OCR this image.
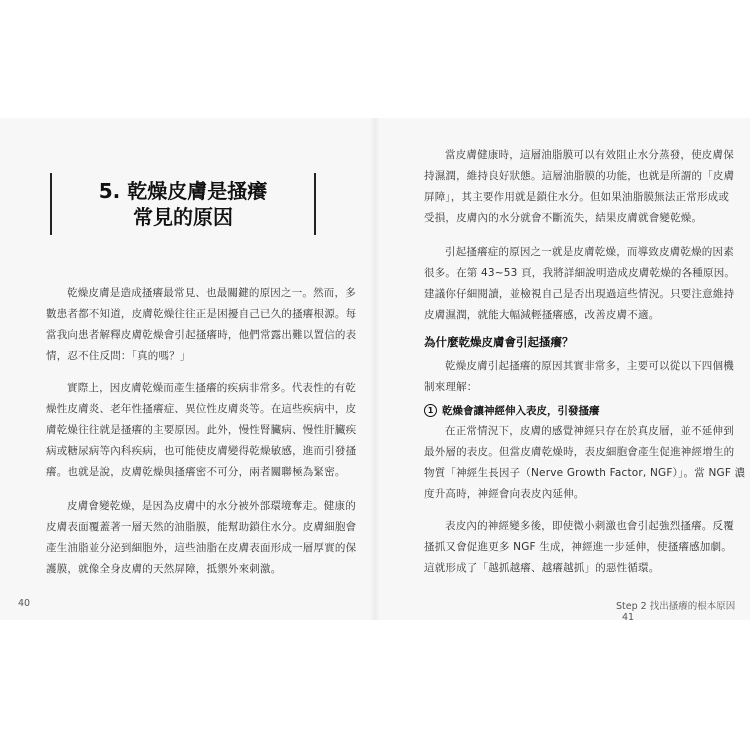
5. 乾燥皮膚是搔癢
常見的原因
乾燥皮膚是造成搔癢最常見、也最關鍵的原因之一。然而，多
數患者都不知道，皮膚乾燥往往正是困擾自己已久的搔癢根源。每
當我向患者解釋皮膚乾燥會引起搔癢時，他們常露出難以置信的表
情，忍不住反問：「真的嗎？」
實際上，因皮膚乾燥而產生搔癢的疾病非常多。代表性的有乾
燥性皮膚炎、老年性搔癢症、異位性皮膚炎等。在這些疾病中，皮
膚乾燥往往就是搔癢的主要原因。此外，慢性腎臟病、慢性肝臟疾
病或糖尿病等內科疾病，也可能使皮膚變得乾燥敏感，進而引發搔
癢。也就是說，皮膚乾燥與搔癢密不可分，兩者關聯極為緊密。
皮膚會變乾燥，是因為皮膚中的水分被外部環境奪走。健康的
皮膚表面覆蓋著一層天然的油脂膜，能幫助鎖住水分。皮膚細胞會
產生油脂並分泌到細胞外，這些油脂在皮膚表面形成一層厚實的保
護膜，就像全身皮膚的天然屏障，抵禦外來刺激。
40
當皮膚健康時，這層油脂膜可以有效阻止水分蒸發，使皮膚保
持濕潤，維持良好狀態。這層油脂膜的功能，也就是所謂的「皮膚
屏障」，其主要作用就是鎖住水分。但如果油脂膜無法正常形成或
受損，皮膚內的水分就會不斷流失，結果皮膚就會變乾燥。
引起搔癢症的原因之一就是皮膚乾燥，而導致皮膚乾燥的因素
很多。在第 43~53 頁，我將詳細說明造成皮膚乾燥的各種原因。
建議你仔細閱讀，並檢視自己是否出現過這些情況。只要注意維持
皮膚濕潤，就能大幅減輕搔癢感，改善皮膚不適。
為什麼乾燥皮膚會引起搔癢？
乾燥皮膚引起搔癢的原因其實非常多，主要可以從以下四個機
制來理解：
1 乾燥會讓神經伸入表皮，引發搔癢
在正常情況下，皮膚的感覺神經只存在於真皮層，並不延伸到
最外層的表皮。但當皮膚乾燥時，表皮細胞會產生促進神經增生的
物質「神經生長因子（Nerve Growth Factor, NGF）」。當 NGF 濃
度升高時，神經會向表皮內延伸。
表皮內的神經變多後，即使微小刺激也會引起強烈搔癢。反覆
搔抓又會促進更多 NGF 生成，神經進一步延伸，使搔癢感加劇。
這就形成了「越抓越癢、越癢越抓」的惡性循環。
Step 2 找出搔癢的根本原因41
